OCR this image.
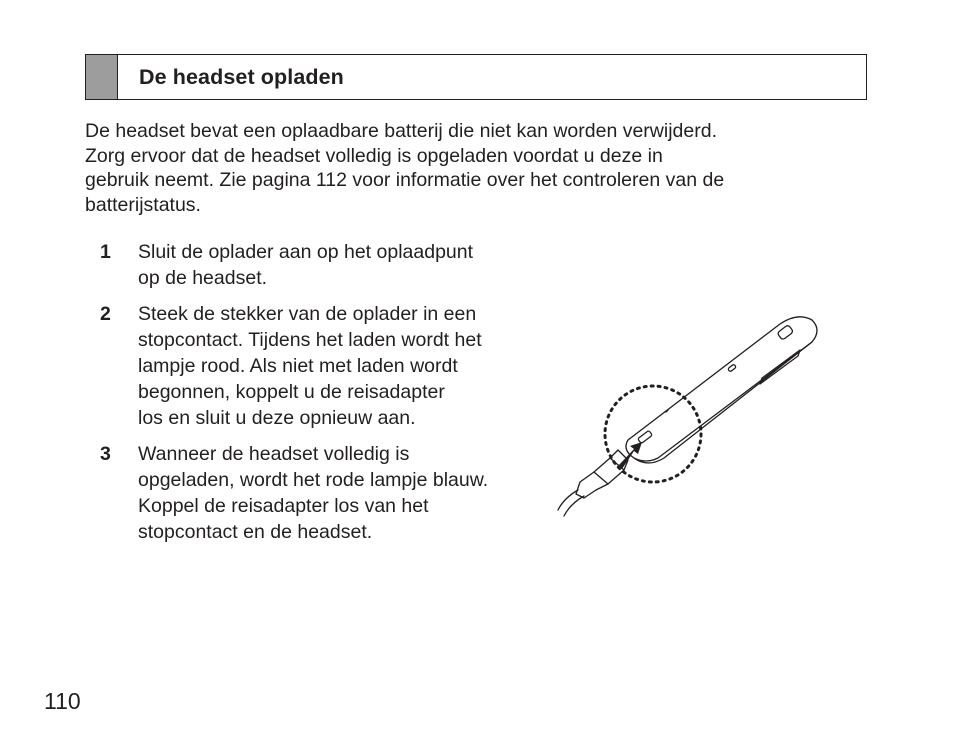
De headset opladen

De headset bevat een oplaadbare batterij die niet kan worden verwijderd.
Zorg ervoor dat de headset volledig is opgeladen voordat u deze in
gebruik neemt. Zie pagina 112 voor informatie over het controleren van de
batterijstatus.

1	Sluit de oplader aan op het oplaadpunt
op de headset.
2	Steek de stekker van de oplader in een
stopcontact. Tijdens het laden wordt het
lampje rood. Als niet met laden wordt
begonnen, koppelt u de reisadapter
los en sluit u deze opnieuw aan.
3	Wanneer de headset volledig is
opgeladen, wordt het rode lampje blauw.
Koppel de reisadapter los van het
stopcontact en de headset.
110
